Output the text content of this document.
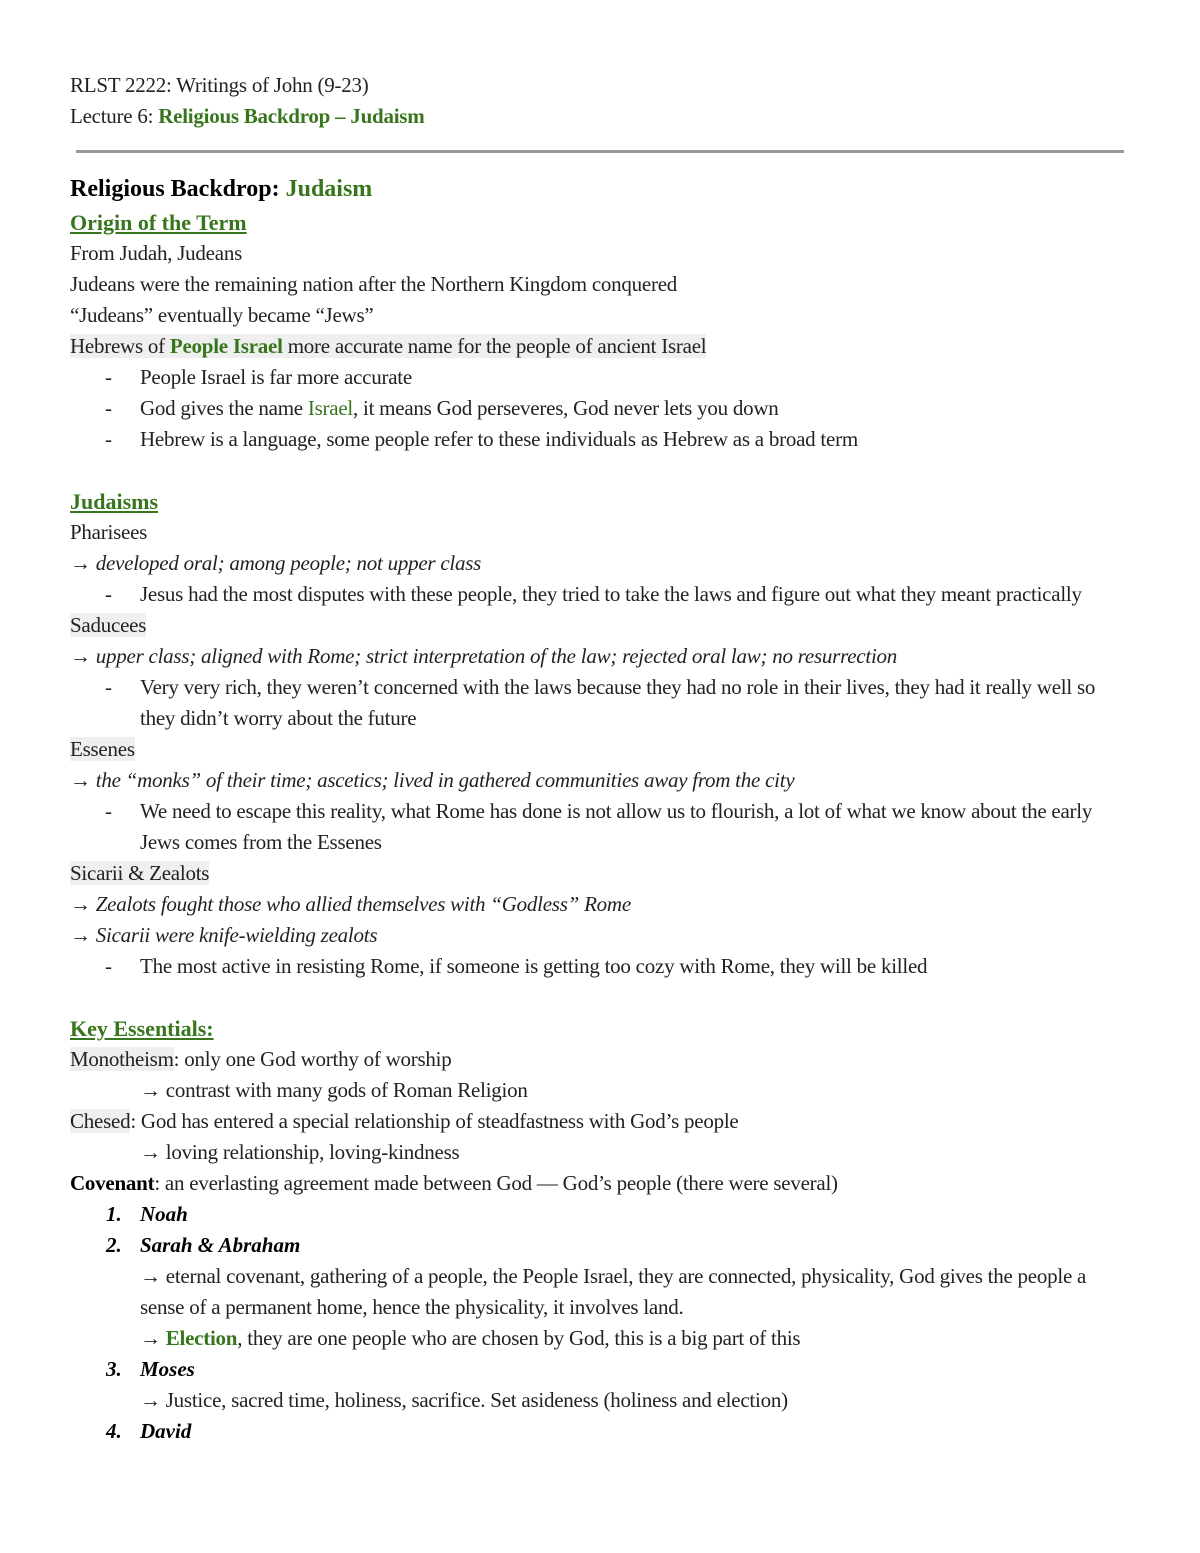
RLST 2222: Writings of John (9-23)
Lecture 6: Religious Backdrop – Judaism
Religious Backdrop: Judaism
Origin of the Term
From Judah, Judeans
Judeans were the remaining nation after the Northern Kingdom conquered
“Judeans” eventually became “Jews”
Hebrews of People Israel more accurate name for the people of ancient Israel
- People Israel is far more accurate
- God gives the name Israel, it means God perseveres, God never lets you down
- Hebrew is a language, some people refer to these individuals as Hebrew as a broad term
Judaisms
Pharisees
→ developed oral; among people; not upper class
- Jesus had the most disputes with these people, they tried to take the laws and figure out what they meant practically
Saducees
→ upper class; aligned with Rome; strict interpretation of the law; rejected oral law; no resurrection
- Very very rich, they weren’t concerned with the laws because they had no role in their lives, they had it really well so they didn’t worry about the future
Essenes
→ the “monks” of their time; ascetics; lived in gathered communities away from the city
- We need to escape this reality, what Rome has done is not allow us to flourish, a lot of what we know about the early Jews comes from the Essenes
Sicarii & Zealots
→ Zealots fought those who allied themselves with “Godless” Rome
→ Sicarii were knife-wielding zealots
- The most active in resisting Rome, if someone is getting too cozy with Rome, they will be killed
Key Essentials:
Monotheism: only one God worthy of worship
→ contrast with many gods of Roman Religion
Chesed: God has entered a special relationship of steadfastness with God’s people
→ loving relationship, loving-kindness
Covenant: an everlasting agreement made between God — God’s people (there were several)
1. Noah
2. Sarah & Abraham
→ eternal covenant, gathering of a people, the People Israel, they are connected, physicality, God gives the people a sense of a permanent home, hence the physicality, it involves land.
→ Election, they are one people who are chosen by God, this is a big part of this
3. Moses
→ Justice, sacred time, holiness, sacrifice. Set asideness (holiness and election)
4. David
